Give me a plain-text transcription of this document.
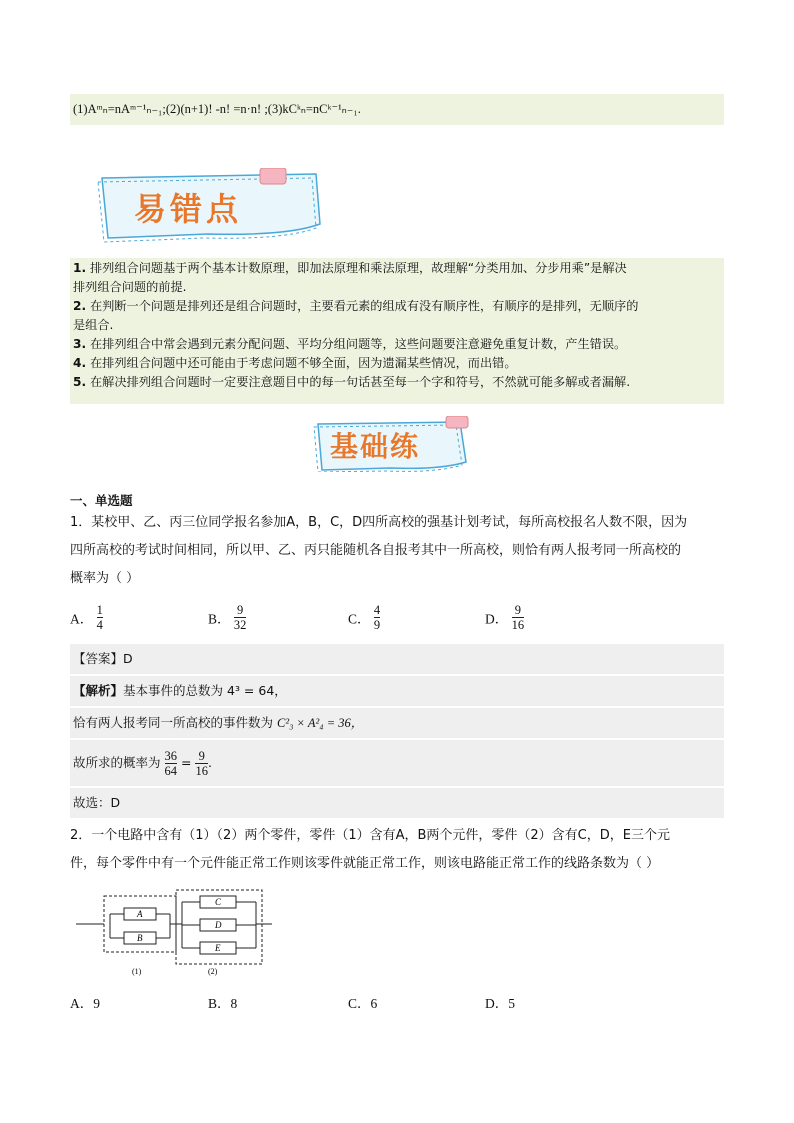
(1)Aᵐₙ=nAᵐ⁻¹ₙ₋₁;(2)(n+1)! -n! =n·n! ;(3)kCᵏₙ=nCᵏ⁻¹ₙ₋₁.
易错点
1. 排列组合问题基于两个基本计数原理，即加法原理和乘法原理，故理解“分类用加、分步用乘”是解决
排列组合问题的前提.
2. 在判断一个问题是排列还是组合问题时，主要看元素的组成有没有顺序性，有顺序的是排列，无顺序的
是组合.
3. 在排列组合中常会遇到元素分配问题、平均分组问题等，这些问题要注意避免重复计数，产生错误。
4. 在排列组合问题中还可能由于考虑问题不够全面，因为遗漏某些情况，而出错。
5. 在解决排列组合问题时一定要注意题目中的每一句话甚至每一个字和符号，不然就可能多解或者漏解.
基础练
一、单选题
1．某校甲、乙、丙三位同学报名参加A，B，C，D四所高校的强基计划考试，每所高校报名人数不限，因为
四所高校的考试时间相同，所以甲、乙、丙只能随机各自报考其中一所高校，则恰有两人报考同一所高校的
概率为（ ）
A． $\frac{1}{4}$	B． $\frac{9}{32}$	C． $\frac{4}{9}$	D． $\frac{9}{16}$
【答案】D
【解析】基本事件的总数为 4³ = 64，
恰有两人报考同一所高校的事件数为 C²₃ × A²₄ = 36，
故所求的概率为 $\frac{36}{64} = \frac{9}{16}$ .
故选：D
2．一个电路中含有（1）（2）两个零件，零件（1）含有A，B两个元件，零件（2）含有C，D，E三个元
件，每个零件中有一个元件能正常工作则该零件就能正常工作，则该电路能正常工作的线路条数为（ ）
A
B
C
D
E
(1)	(2)
A．9	B．8	C．6	D．5
